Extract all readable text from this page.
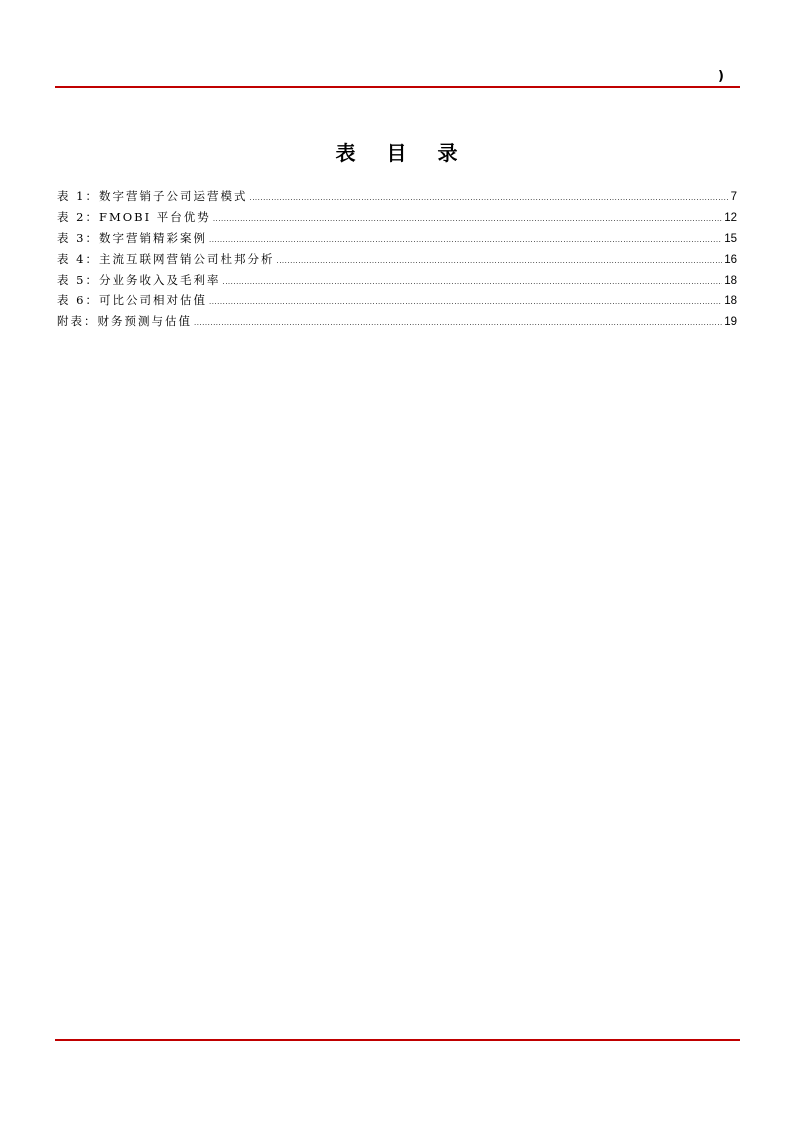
)
表 目 录
表 1：数字营销子公司运营模式 .....	7
表 2：FMOBI 平台优势 .....	12
表 3：数字营销精彩案例 .....	15
表 4：主流互联网营销公司杜邦分析 .....	16
表 5：分业务收入及毛利率 .....	18
表 6：可比公司相对估值 .....	18
附表：财务预测与估值 .....	19
